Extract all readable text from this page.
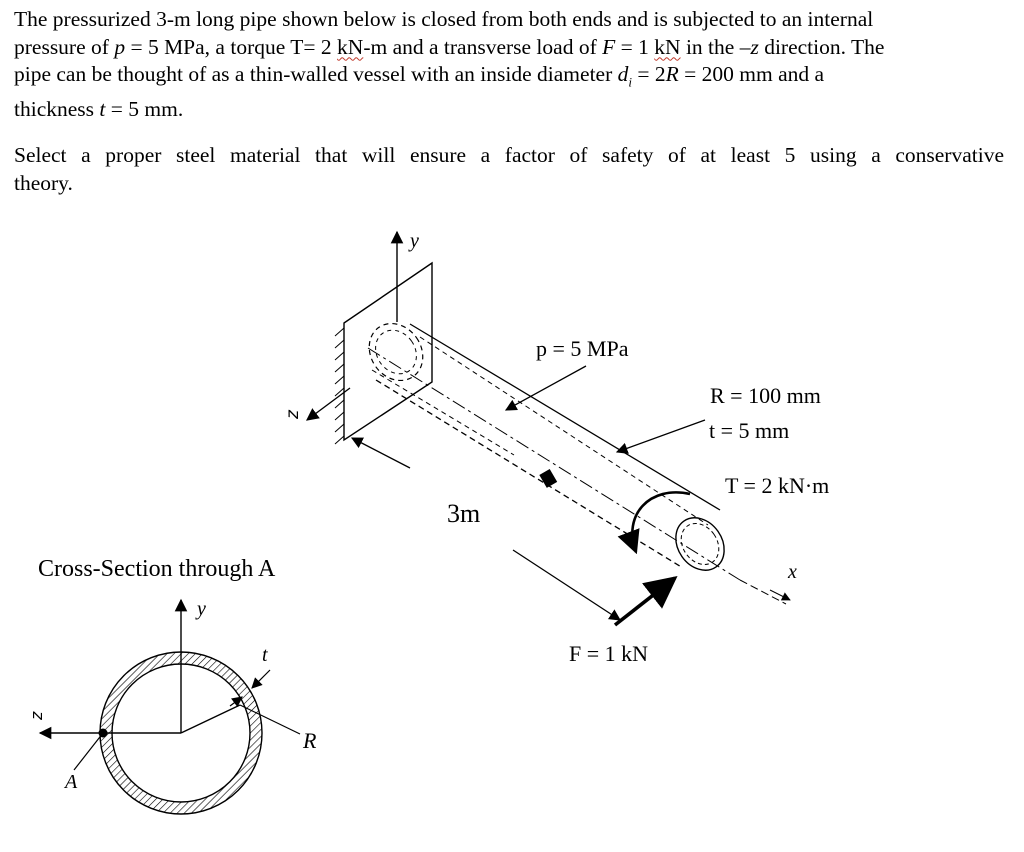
The pressurized 3-m long pipe shown below is closed from both ends and is subjected to an internal
pressure of p = 5 MPa, a torque T= 2 kN-m and a transverse load of F = 1 kN in the –z direction. The
pipe can be thought of as a thin-walled vessel with an inside diameter $d_i = 2R = 200$ mm and a
thickness t = 5 mm.
Select a proper steel material that will ensure a factor of safety of at least 5 using a conservative
theory.
y
z
x
3m
p = 5 MPa
R = 100 mm
t = 5 mm
T = 2 kN·m
F = 1 kN
Cross-Section through A
y
z
R
t
A
